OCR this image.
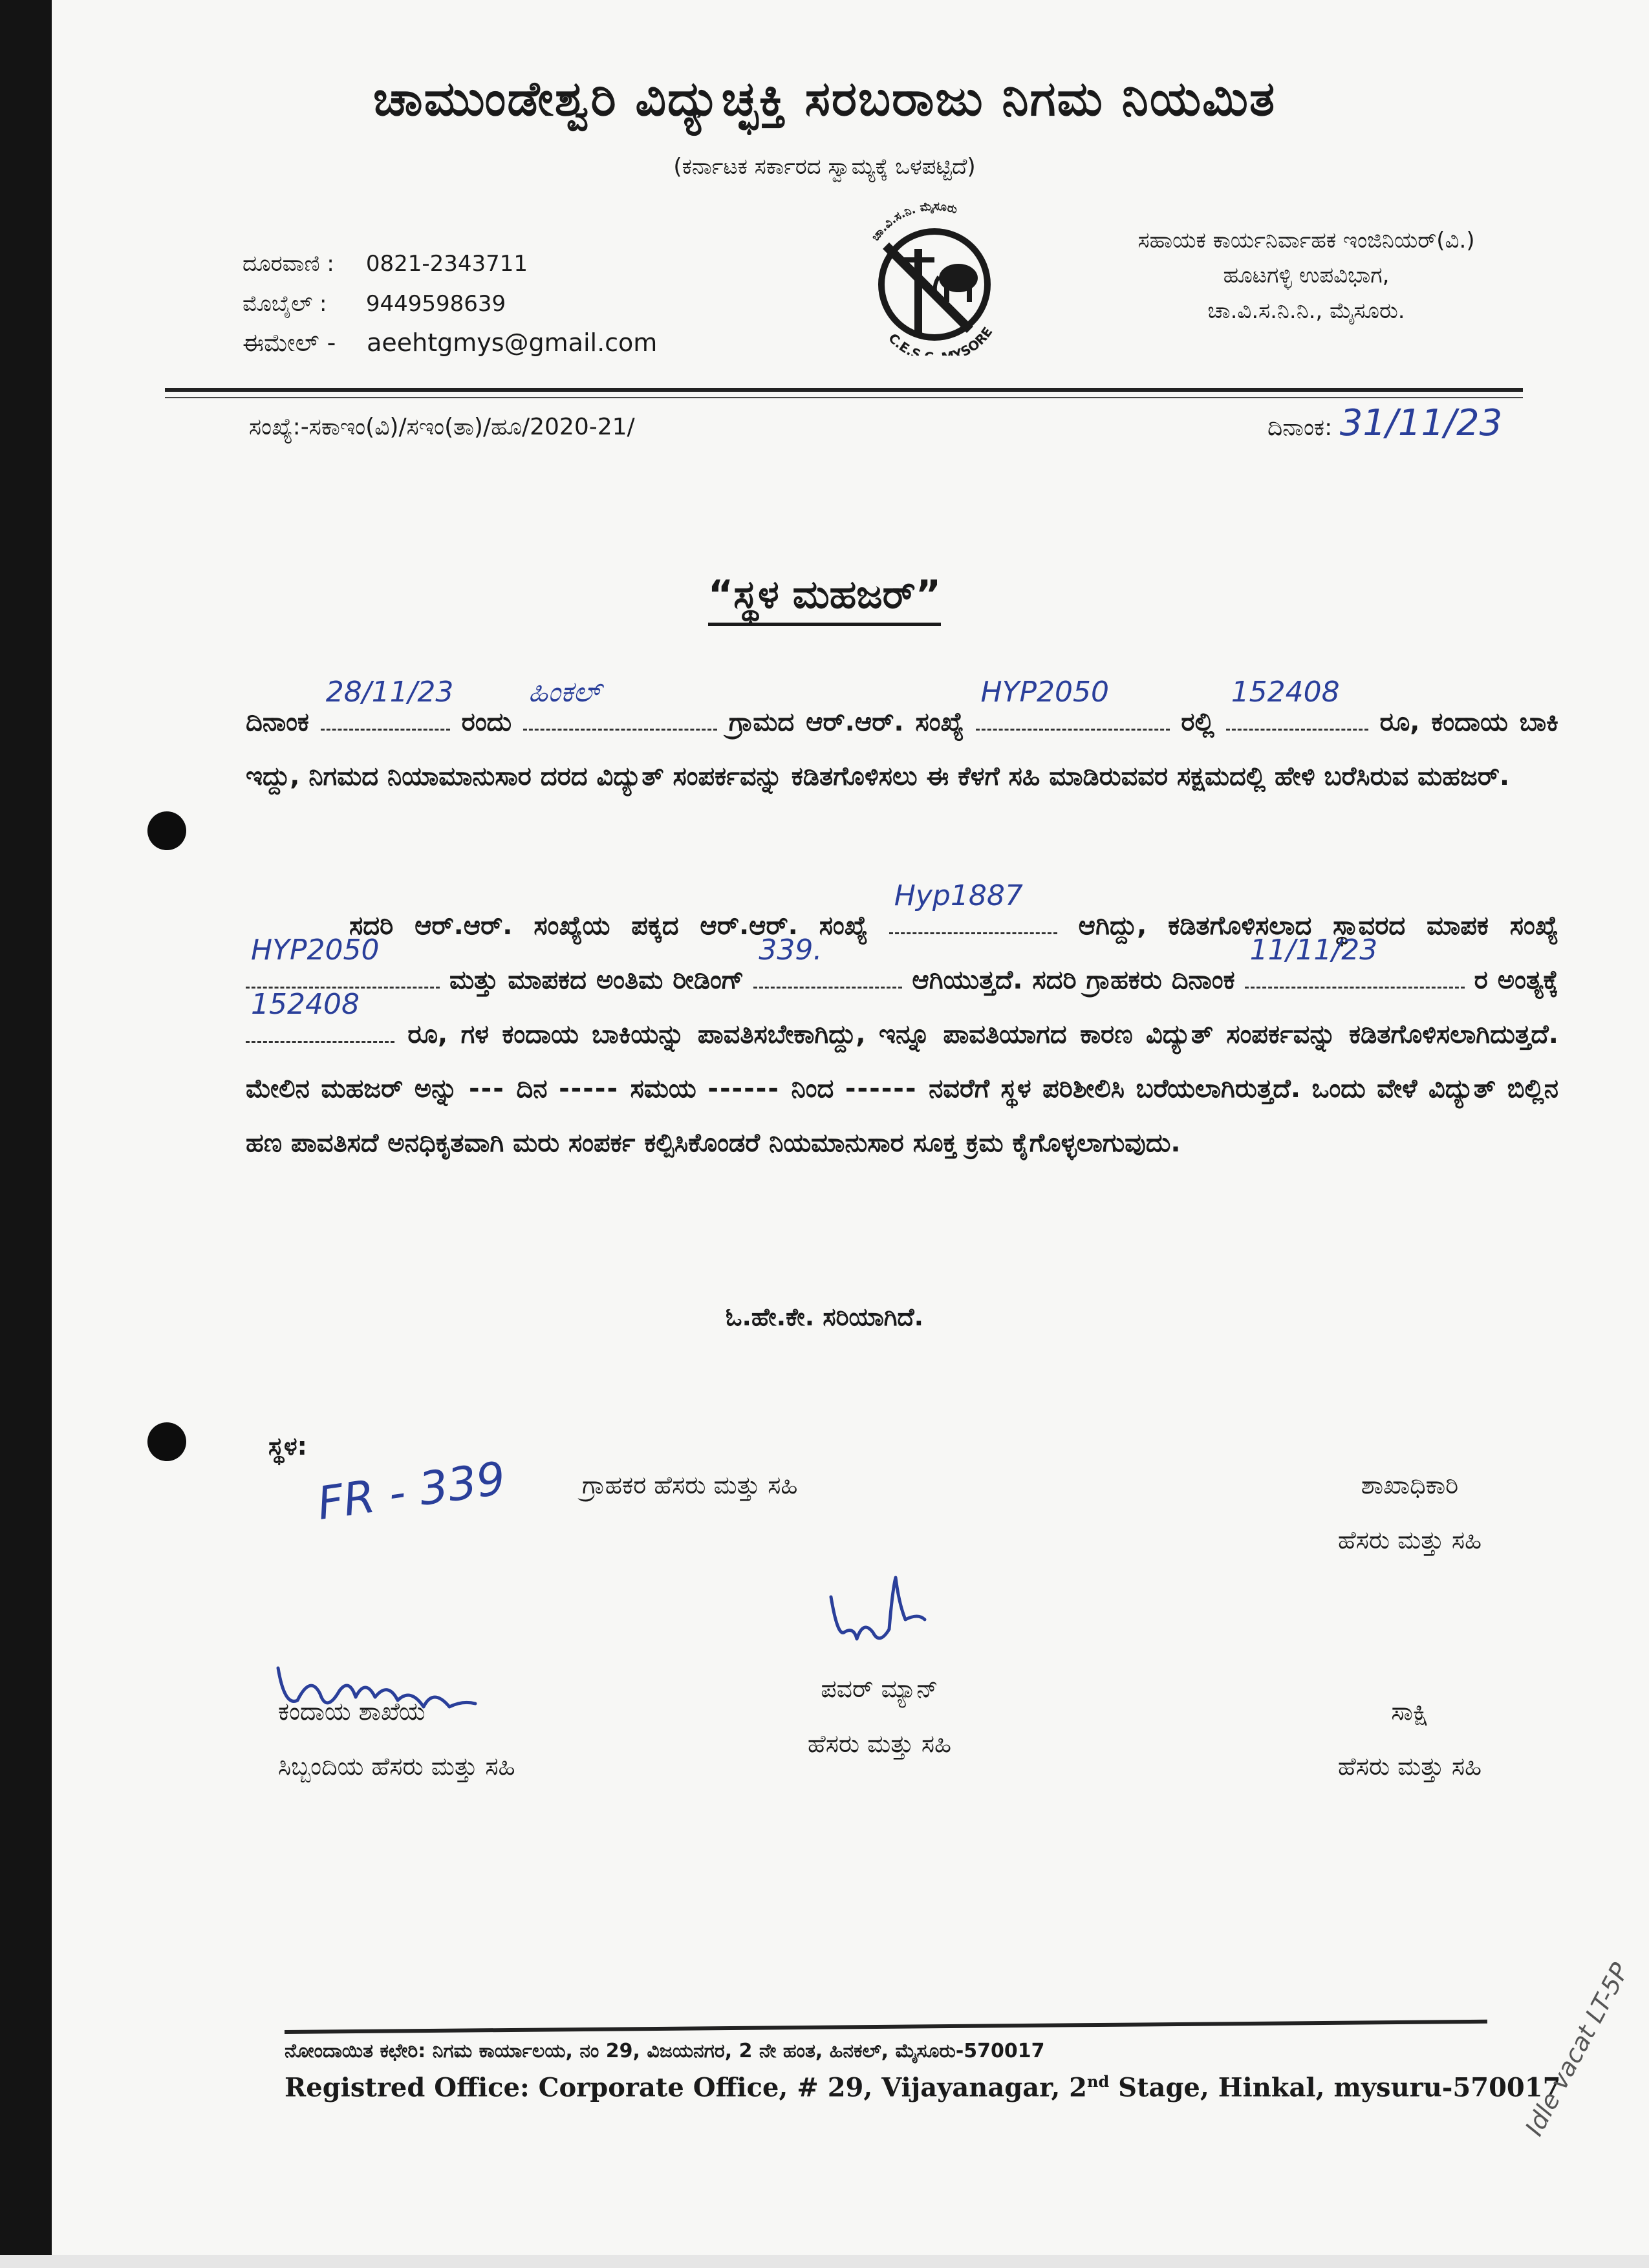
ಚಾಮುಂಡೇಶ್ವರಿ ವಿದ್ಯುಚ್ಛಕ್ತಿ ಸರಬರಾಜು ನಿಗಮ ನಿಯಮಿತ
(ಕರ್ನಾಟಕ ಸರ್ಕಾರದ ಸ್ವಾಮ್ಯಕ್ಕೆ ಒಳಪಟ್ಟಿದೆ)
ದೂರವಾಣಿ : 0821-2343711
ಮೊಬೈಲ್ : 9449598639
ಈಮೇಲ್ - aeehtgmys@gmail.com
ಚಾ.ವಿ.ಸ.ನಿ. ಮೈಸೂರು
C.E.S. YSORE
ಸಹಾಯಕ ಕಾರ್ಯನಿರ್ವಾಹಕ ಇಂಜಿನಿಯರ್(ವಿ.)
ಹೂಟಗಳ್ಳಿ ಉಪವಿಭಾಗ,
ಚಾ.ವಿ.ಸ.ನಿ.ನಿ., ಮೈಸೂರು.
ಸಂಖ್ಯೆ:-ಸಕಾಇಂ(ವಿ)/ಸಇಂ(ತಾ)/ಹೂ/2020-21/	ದಿನಾಂಕ: 31/11/23
“ಸ್ಥಳ ಮಹಜರ್”
ದಿನಾಂಕ
28/11/23
ರಂದು
ಹಿಂಕಲ್
ಗ್ರಾಮದ ಆರ್.ಆರ್. ಸಂಖ್ಯೆ
HYP2050
ರಲ್ಲಿ
152408
ರೂ, ಕಂದಾಯ ಬಾಕಿ ಇದ್ದು, ನಿಗಮದ ನಿಯಾಮಾನುಸಾರ ದರದ ವಿದ್ಯುತ್ ಸಂಪರ್ಕವನ್ನು ಕಡಿತಗೊಳಿಸಲು ಈ ಕೆಳಗೆ ಸಹಿ ಮಾಡಿರುವವರ ಸಕ್ಷಮದಲ್ಲಿ ಹೇಳಿ ಬರೆಸಿರುವ ಮಹಜರ್.
ಸದರಿ ಆರ್.ಆರ್. ಸಂಖ್ಯೆಯ ಪಕ್ಕದ ಆರ್.ಆರ್. ಸಂಖ್ಯೆ
Hyp1887
ಆಗಿದ್ದು, ಕಡಿತಗೊಳಿಸಲಾದ ಸ್ಥಾವರದ ಮಾಪಕ ಸಂಖ್ಯೆ
HYP2050
ಮತ್ತು ಮಾಪಕದ ಅಂತಿಮ ರೀಡಿಂಗ್
339.
ಆಗಿಯುತ್ತದೆ. ಸದರಿ ಗ್ರಾಹಕರು ದಿನಾಂಕ
11/11/23
ರ ಅಂತ್ಯಕ್ಕೆ
152408
ರೂ, ಗಳ ಕಂದಾಯ ಬಾಕಿಯನ್ನು ಪಾವತಿಸಬೇಕಾಗಿದ್ದು, ಇನ್ನೂ ಪಾವತಿಯಾಗದ ಕಾರಣ ವಿದ್ಯುತ್ ಸಂಪರ್ಕವನ್ನು ಕಡಿತಗೊಳಿಸಲಾಗಿದುತ್ತದೆ. ಮೇಲಿನ ಮಹಜರ್ ಅನ್ನು --- ದಿನ ----- ಸಮಯ ------ ನಿಂದ ------ ನವರೆಗೆ ಸ್ಥಳ ಪರಿಶೀಲಿಸಿ ಬರೆಯಲಾಗಿರುತ್ತದೆ. ಒಂದು ವೇಳೆ ವಿದ್ಯುತ್ ಬಿಲ್ಲಿನ ಹಣ ಪಾವತಿಸದೆ ಅನಧಿಕೃತವಾಗಿ ಮರು ಸಂಪರ್ಕ ಕಲ್ಪಿಸಿಕೊಂಡರೆ ನಿಯಮಾನುಸಾರ ಸೂಕ್ತ ಕ್ರಮ ಕೈಗೊಳ್ಳಲಾಗುವುದು.
ಓ.ಹೇ.ಕೇ. ಸರಿಯಾಗಿದೆ.
ಸ್ಥಳ:
FR - 339	ಗ್ರಾಹಕರ ಹೆಸರು ಮತ್ತು ಸಹಿ	ಶಾಖಾಧಿಕಾರಿ
ಹೆಸರು ಮತ್ತು ಸಹಿ
ಕಂದಾಯ ಶಾಖೆಯ
ಸಿಬ್ಬಂದಿಯ ಹೆಸರು ಮತ್ತು ಸಹಿ
ಪವರ್ ಮ್ಯಾನ್
ಹೆಸರು ಮತ್ತು ಸಹಿ
ಸಾಕ್ಷಿ
ಹೆಸರು ಮತ್ತು ಸಹಿ
ನೋಂದಾಯಿತ ಕಛೇರಿ: ನಿಗಮ ಕಾರ್ಯಾಲಯ, ನಂ 29, ವಿಜಯನಗರ, 2 ನೇ ಹಂತ, ಹಿನಕಲ್, ಮೈಸೂರು-570017
Registred Office: Corporate Office, # 29, Vijayanagar, 2nd Stage, Hinkal, mysuru-570017
Idle vacat LT-5P
